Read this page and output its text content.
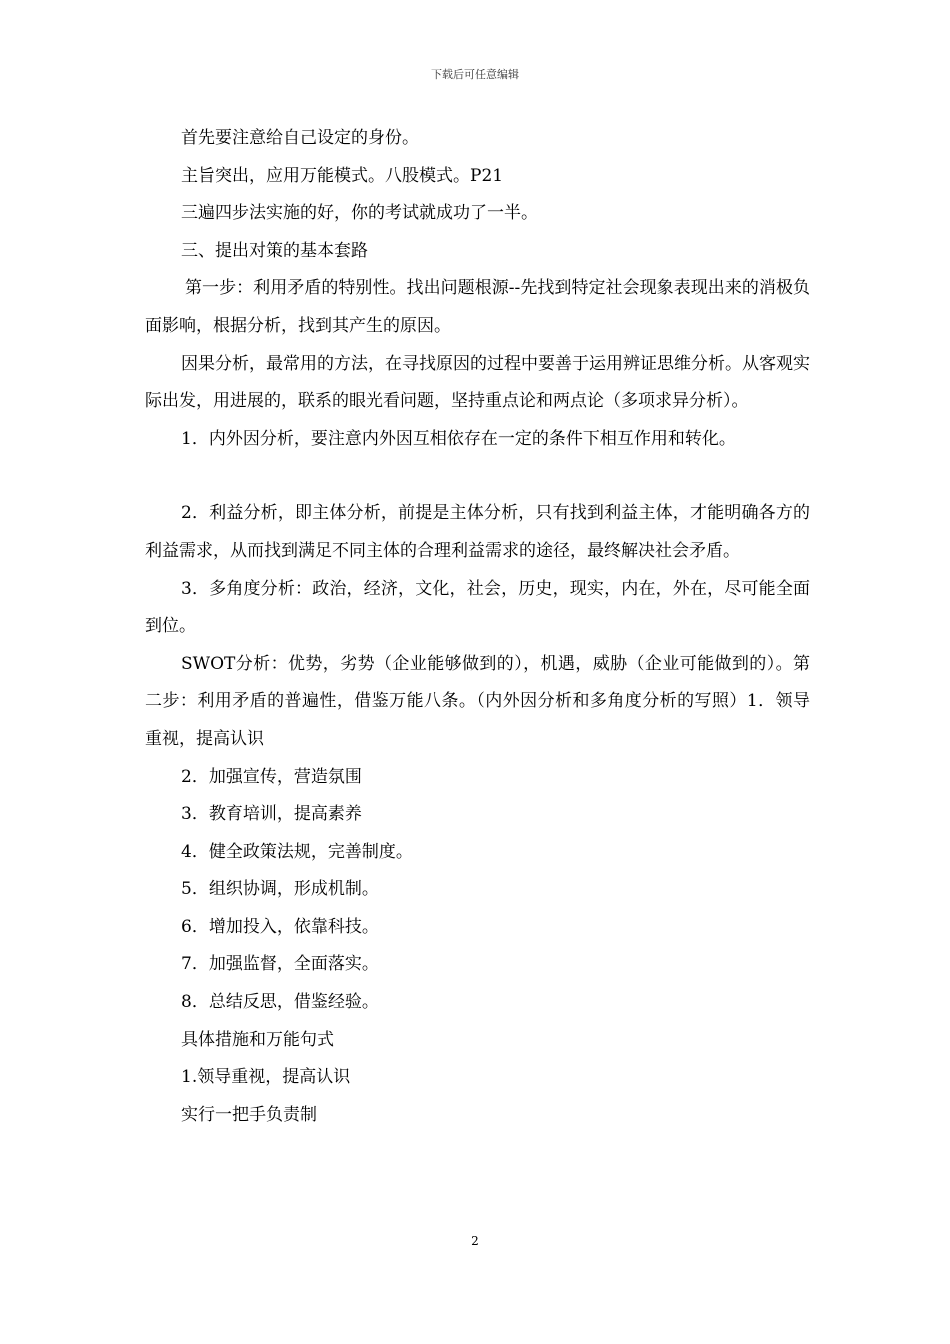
下载后可任意编辑

首先要注意给自己设定的身份。

主旨突出，应用万能模式。八股模式。P21

三遍四步法实施的好，你的考试就成功了一半。

三、提出对策的基本套路

第一步：利用矛盾的特别性。找出问题根源--先找到特定社会现象表现出来的消极负面影响，根据分析，找到其产生的原因。

因果分析，最常用的方法，在寻找原因的过程中要善于运用辨证思维分析。从客观实际出发，用进展的，联系的眼光看问题，坚持重点论和两点论（多项求异分析）。

1．内外因分析，要注意内外因互相依存在一定的条件下相互作用和转化。

2．利益分析，即主体分析，前提是主体分析，只有找到利益主体，才能明确各方的利益需求，从而找到满足不同主体的合理利益需求的途径，最终解决社会矛盾。

3．多角度分析：政治，经济，文化，社会，历史，现实，内在，外在，尽可能全面到位。

SWOT分析：优势，劣势（企业能够做到的），机遇，威胁（企业可能做到的）。第二步：利用矛盾的普遍性，借鉴万能八条。（内外因分析和多角度分析的写照）1．领导重视，提高认识

2．加强宣传，营造氛围

3．教育培训，提高素养

4．健全政策法规，完善制度。

5．组织协调，形成机制。

6．增加投入，依靠科技。

7．加强监督，全面落实。

8．总结反思，借鉴经验。

具体措施和万能句式

1.领导重视，提高认识

实行一把手负责制

2
